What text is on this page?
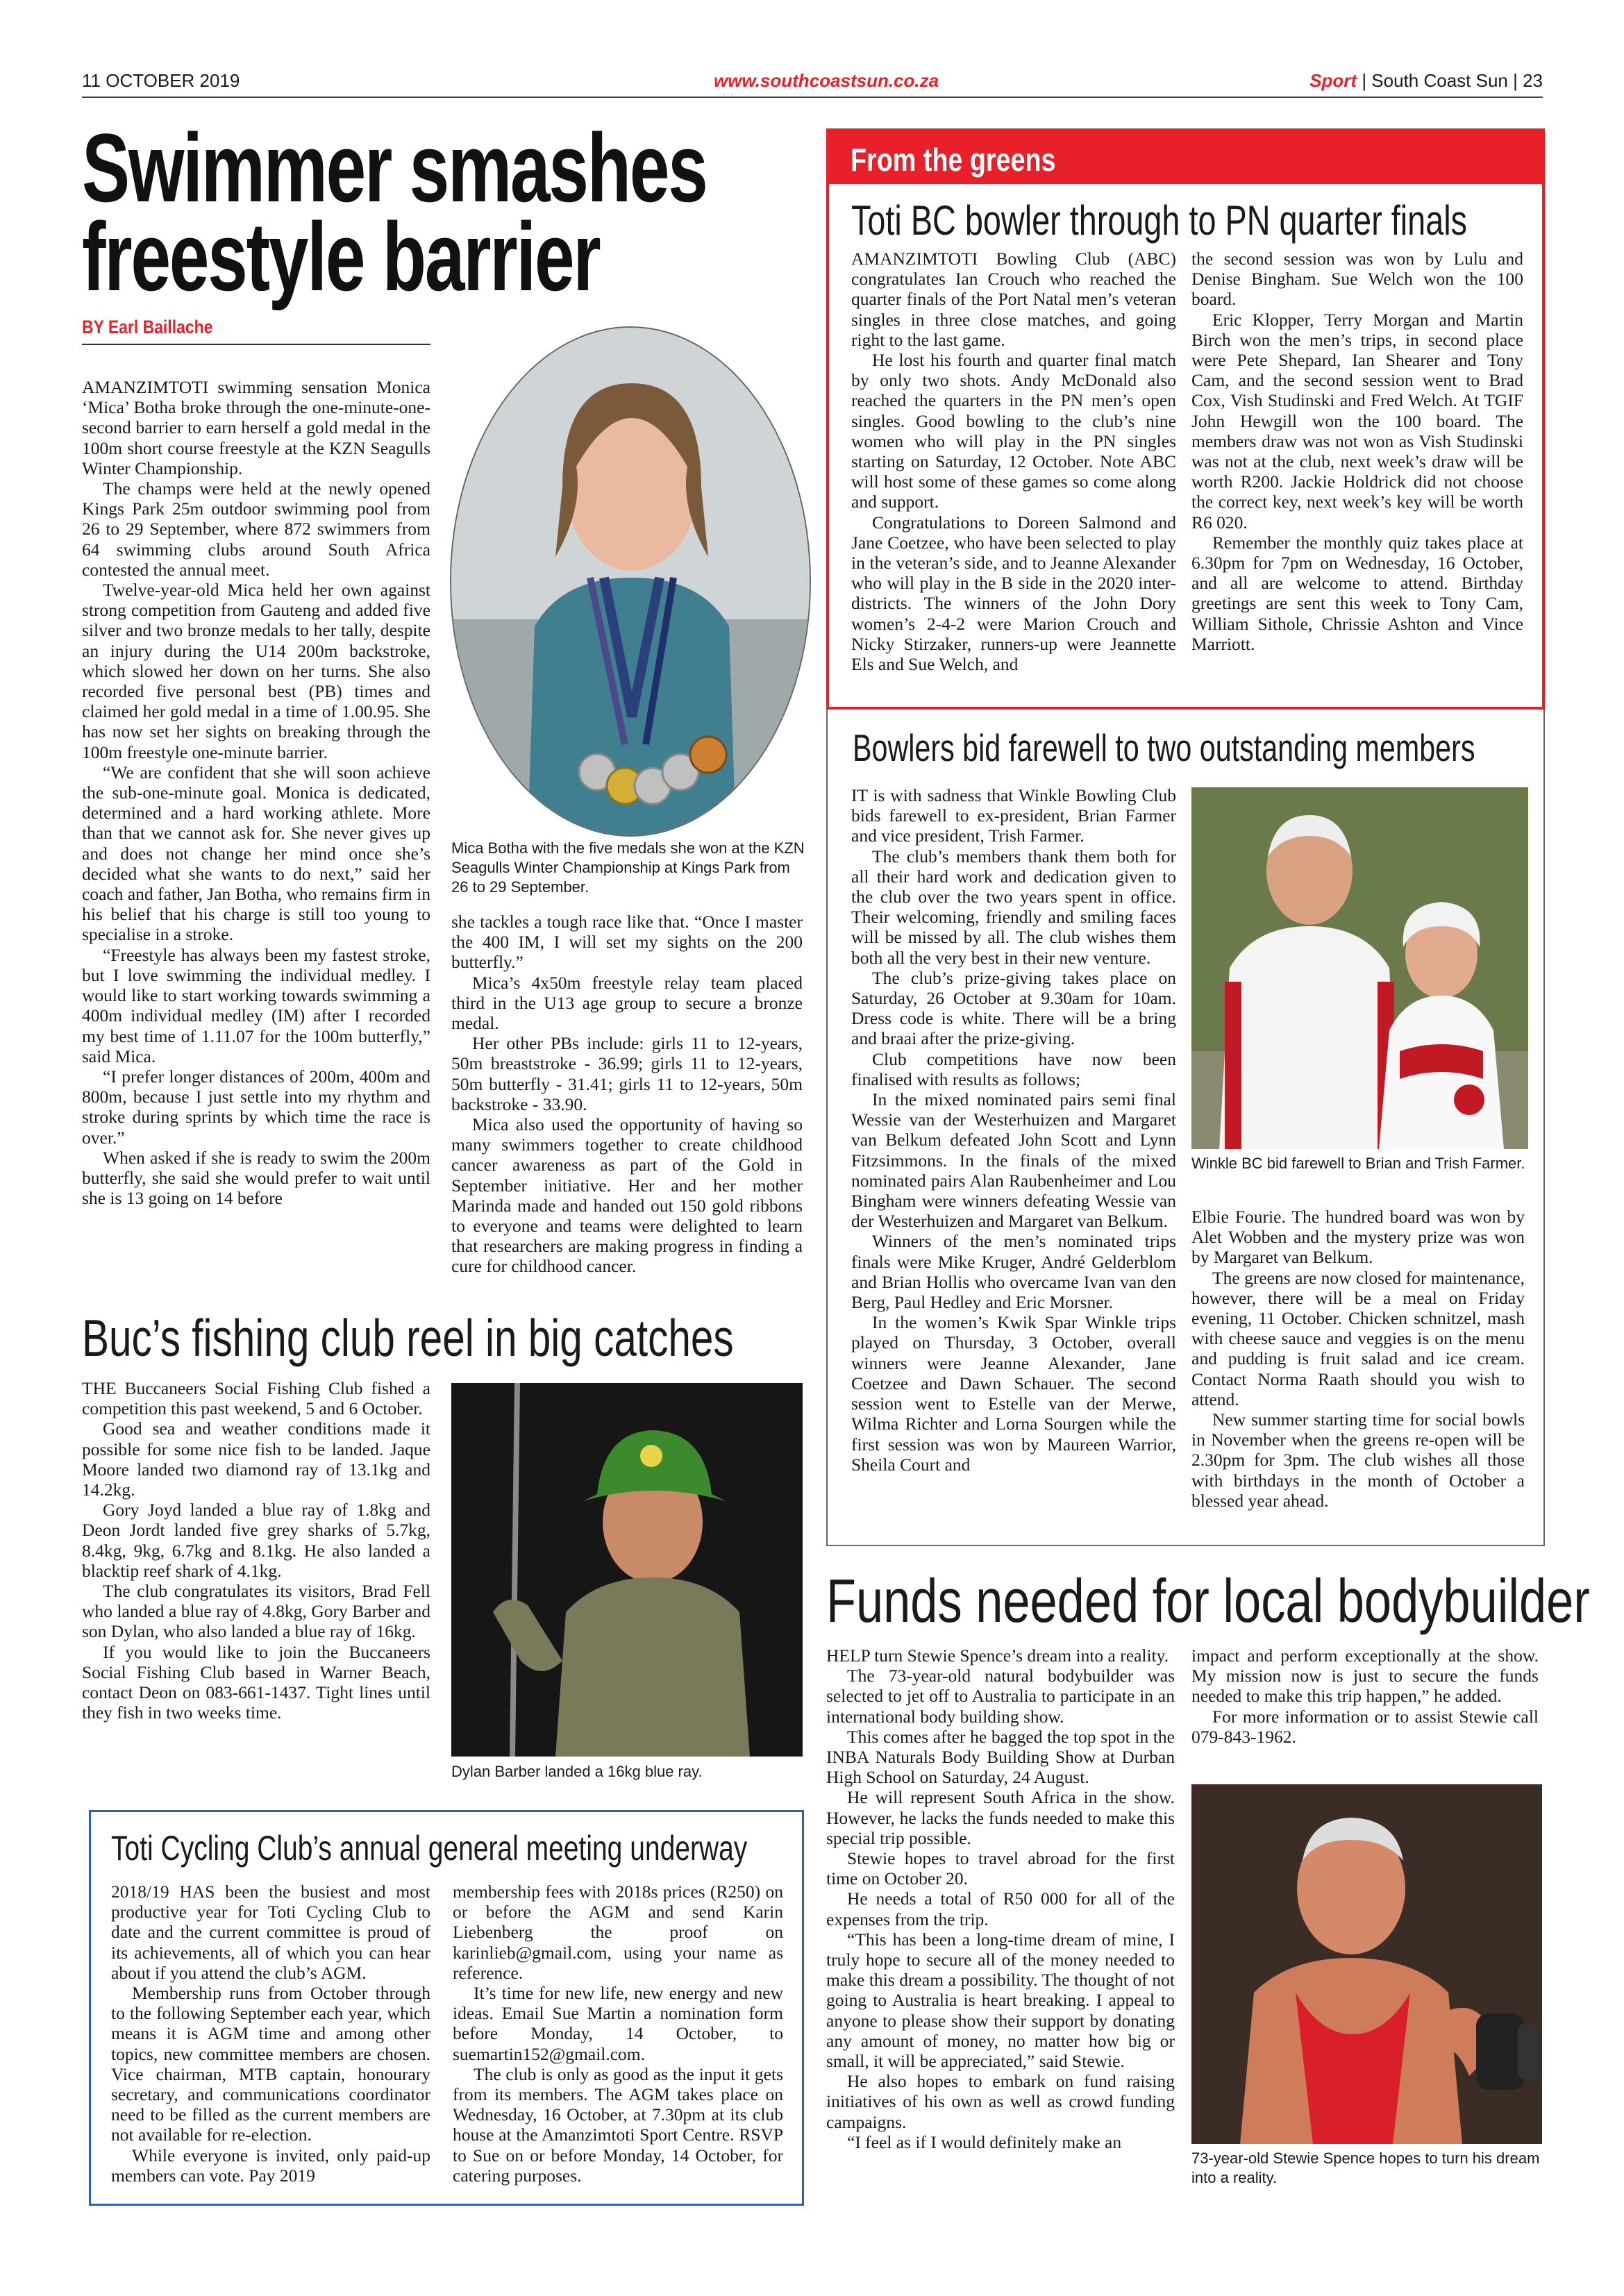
11 OCTOBER 2019	www.southcoastsun.co.za	Sport | South Coast Sun | 23
Swimmer smashes
freestyle barrier
BY Earl Baillache

AMANZIMTOTI swimming sensation Monica ‘Mica’ Botha broke through the one-minute-one-second barrier to earn herself a gold medal in the 100m short course freestyle at the KZN Seagulls Winter Championship.

The champs were held at the newly opened Kings Park 25m outdoor swimming pool from 26 to 29 September, where 872 swimmers from 64 swimming clubs around South Africa contested the annual meet.

Twelve-year-old Mica held her own against strong competition from Gauteng and added five silver and two bronze medals to her tally, despite an injury during the U14 200m backstroke, which slowed her down on her turns. She also recorded five personal best (PB) times and claimed her gold medal in a time of 1.00.95. She has now set her sights on breaking through the 100m freestyle one-minute barrier.

“We are confident that she will soon achieve the sub-one-minute goal. Monica is dedicated, determined and a hard working athlete. More than that we cannot ask for. She never gives up and does not change her mind once she’s decided what she wants to do next,” said her coach and father, Jan Botha, who remains firm in his belief that his charge is still too young to specialise in a stroke.

“Freestyle has always been my fastest stroke, but I love swimming the individual medley. I would like to start working towards swimming a 400m individual medley (IM) after I recorded my best time of 1.11.07 for the 100m butterfly,” said Mica.

“I prefer longer distances of 200m, 400m and 800m, because I just settle into my rhythm and stroke during sprints by which time the race is over.”

When asked if she is ready to swim the 200m butterfly, she said she would prefer to wait until she is 13 going on 14 before

Mica Botha with the five medals she won at the KZN Seagulls Winter Championship at Kings Park from 26 to 29 September.

she tackles a tough race like that. “Once I master the 400 IM, I will set my sights on the 200 butterfly.”

Mica’s 4x50m freestyle relay team placed third in the U13 age group to secure a bronze medal.

Her other PBs include: girls 11 to 12-years, 50m breaststroke - 36.99; girls 11 to 12-years, 50m butterfly - 31.41; girls 11 to 12-years, 50m backstroke - 33.90.

Mica also used the opportunity of having so many swimmers together to create childhood cancer awareness as part of the Gold in September initiative. Her and her mother Marinda made and handed out 150 gold ribbons to everyone and teams were delighted to learn that researchers are making progress in finding a cure for childhood cancer.

From the greens
Toti BC bowler through to PN quarter finals

AMANZIMTOTI Bowling Club (ABC) congratulates Ian Crouch who reached the quarter finals of the Port Natal men’s veteran singles in three close matches, and going right to the last game.

He lost his fourth and quarter final match by only two shots. Andy McDonald also reached the quarters in the PN men’s open singles. Good bowling to the club’s nine women who will play in the PN singles starting on Saturday, 12 October. Note ABC will host some of these games so come along and support.

Congratulations to Doreen Salmond and Jane Coetzee, who have been selected to play in the veteran’s side, and to Jeanne Alexander who will play in the B side in the 2020 inter-districts. The winners of the John Dory women’s 2-4-2 were Marion Crouch and Nicky Stirzaker, runners-up were Jeannette Els and Sue Welch, and

the second session was won by Lulu and Denise Bingham. Sue Welch won the 100 board.

Eric Klopper, Terry Morgan and Martin Birch won the men’s trips, in second place were Pete Shepard, Ian Shearer and Tony Cam, and the second session went to Brad Cox, Vish Studinski and Fred Welch. At TGIF John Hewgill won the 100 board. The members draw was not won as Vish Studinski was not at the club, next week’s draw will be worth R200. Jackie Holdrick did not choose the correct key, next week’s key will be worth R6 020.

Remember the monthly quiz takes place at 6.30pm for 7pm on Wednesday, 16 October, and all are welcome to attend. Birthday greetings are sent this week to Tony Cam, William Sithole, Chrissie Ashton and Vince Marriott.

Bowlers bid farewell to two outstanding members

IT is with sadness that Winkle Bowling Club bids farewell to ex-president, Brian Farmer and vice president, Trish Farmer.

The club’s members thank them both for all their hard work and dedication given to the club over the two years spent in office. Their welcoming, friendly and smiling faces will be missed by all. The club wishes them both all the very best in their new venture.

The club’s prize-giving takes place on Saturday, 26 October at 9.30am for 10am. Dress code is white. There will be a bring and braai after the prize-giving.

Club competitions have now been finalised with results as follows;

In the mixed nominated pairs semi final Wessie van der Westerhuizen and Margaret van Belkum defeated John Scott and Lynn Fitzsimmons. In the finals of the mixed nominated pairs Alan Raubenheimer and Lou Bingham were winners defeating Wessie van der Westerhuizen and Margaret van Belkum.

Winners of the men’s nominated trips finals were Mike Kruger, André Gelderblom and Brian Hollis who overcame Ivan van den Berg, Paul Hedley and Eric Morsner.

In the women’s Kwik Spar Winkle trips played on Thursday, 3 October, overall winners were Jeanne Alexander, Jane Coetzee and Dawn Schauer. The second session went to Estelle van der Merwe, Wilma Richter and Lorna Sourgen while the first session was won by Maureen Warrior, Sheila Court and

Winkle BC bid farewell to Brian and Trish Farmer.

Elbie Fourie. The hundred board was won by Alet Wobben and the mystery prize was won by Margaret van Belkum.

The greens are now closed for maintenance, however, there will be a meal on Friday evening, 11 October. Chicken schnitzel, mash with cheese sauce and veggies is on the menu and pudding is fruit salad and ice cream. Contact Norma Raath should you wish to attend.

New summer starting time for social bowls in November when the greens re-open will be 2.30pm for 3pm. The club wishes all those with birthdays in the month of October a blessed year ahead.

Buc’s fishing club reel in big catches

THE Buccaneers Social Fishing Club fished a competition this past weekend, 5 and 6 October.

Good sea and weather conditions made it possible for some nice fish to be landed. Jaque Moore landed two diamond ray of 13.1kg and 14.2kg.

Gory Joyd landed a blue ray of 1.8kg and Deon Jordt landed five grey sharks of 5.7kg, 8.4kg, 9kg, 6.7kg and 8.1kg. He also landed a blacktip reef shark of 4.1kg.

The club congratulates its visitors, Brad Fell who landed a blue ray of 4.8kg, Gory Barber and son Dylan, who also landed a blue ray of 16kg.

If you would like to join the Buccaneers Social Fishing Club based in Warner Beach, contact Deon on 083-661-1437. Tight lines until they fish in two weeks time.

Dylan Barber landed a 16kg blue ray.
Toti Cycling Club’s annual general meeting underway

2018/19 HAS been the busiest and most productive year for Toti Cycling Club to date and the current committee is proud of its achievements, all of which you can hear about if you attend the club’s AGM.

Membership runs from October through to the following September each year, which means it is AGM time and among other topics, new committee members are chosen. Vice chairman, MTB captain, honourary secretary, and communications coordinator need to be filled as the current members are not available for re-election.

While everyone is invited, only paid-up members can vote. Pay 2019

membership fees with 2018s prices (R250) on or before the AGM and send Karin Liebenberg the proof on karinlieb@gmail.com, using your name as reference.

It’s time for new life, new energy and new ideas. Email Sue Martin a nomination form before Monday, 14 October, to suemartin152@gmail.com.

The club is only as good as the input it gets from its members. The AGM takes place on Wednesday, 16 October, at 7.30pm at its club house at the Amanzimtoti Sport Centre. RSVP to Sue on or before Monday, 14 October, for catering purposes.

Funds needed for local bodybuilder

HELP turn Stewie Spence’s dream into a reality.

The 73-year-old natural bodybuilder was selected to jet off to Australia to participate in an international body building show.

This comes after he bagged the top spot in the INBA Naturals Body Building Show at Durban High School on Saturday, 24 August.

He will represent South Africa in the show. However, he lacks the funds needed to make this special trip possible.

Stewie hopes to travel abroad for the first time on October 20.

He needs a total of R50 000 for all of the expenses from the trip.

“This has been a long-time dream of mine, I truly hope to secure all of the money needed to make this dream a possibility. The thought of not going to Australia is heart breaking. I appeal to anyone to please show their support by donating any amount of money, no matter how big or small, it will be appreciated,” said Stewie.

He also hopes to embark on fund raising initiatives of his own as well as crowd funding campaigns.

“I feel as if I would definitely make an

impact and perform exceptionally at the show. My mission now is just to secure the funds needed to make this trip happen,” he added.

For more information or to assist Stewie call 079-843-1962.

73-year-old Stewie Spence hopes to turn his dream into a reality.
